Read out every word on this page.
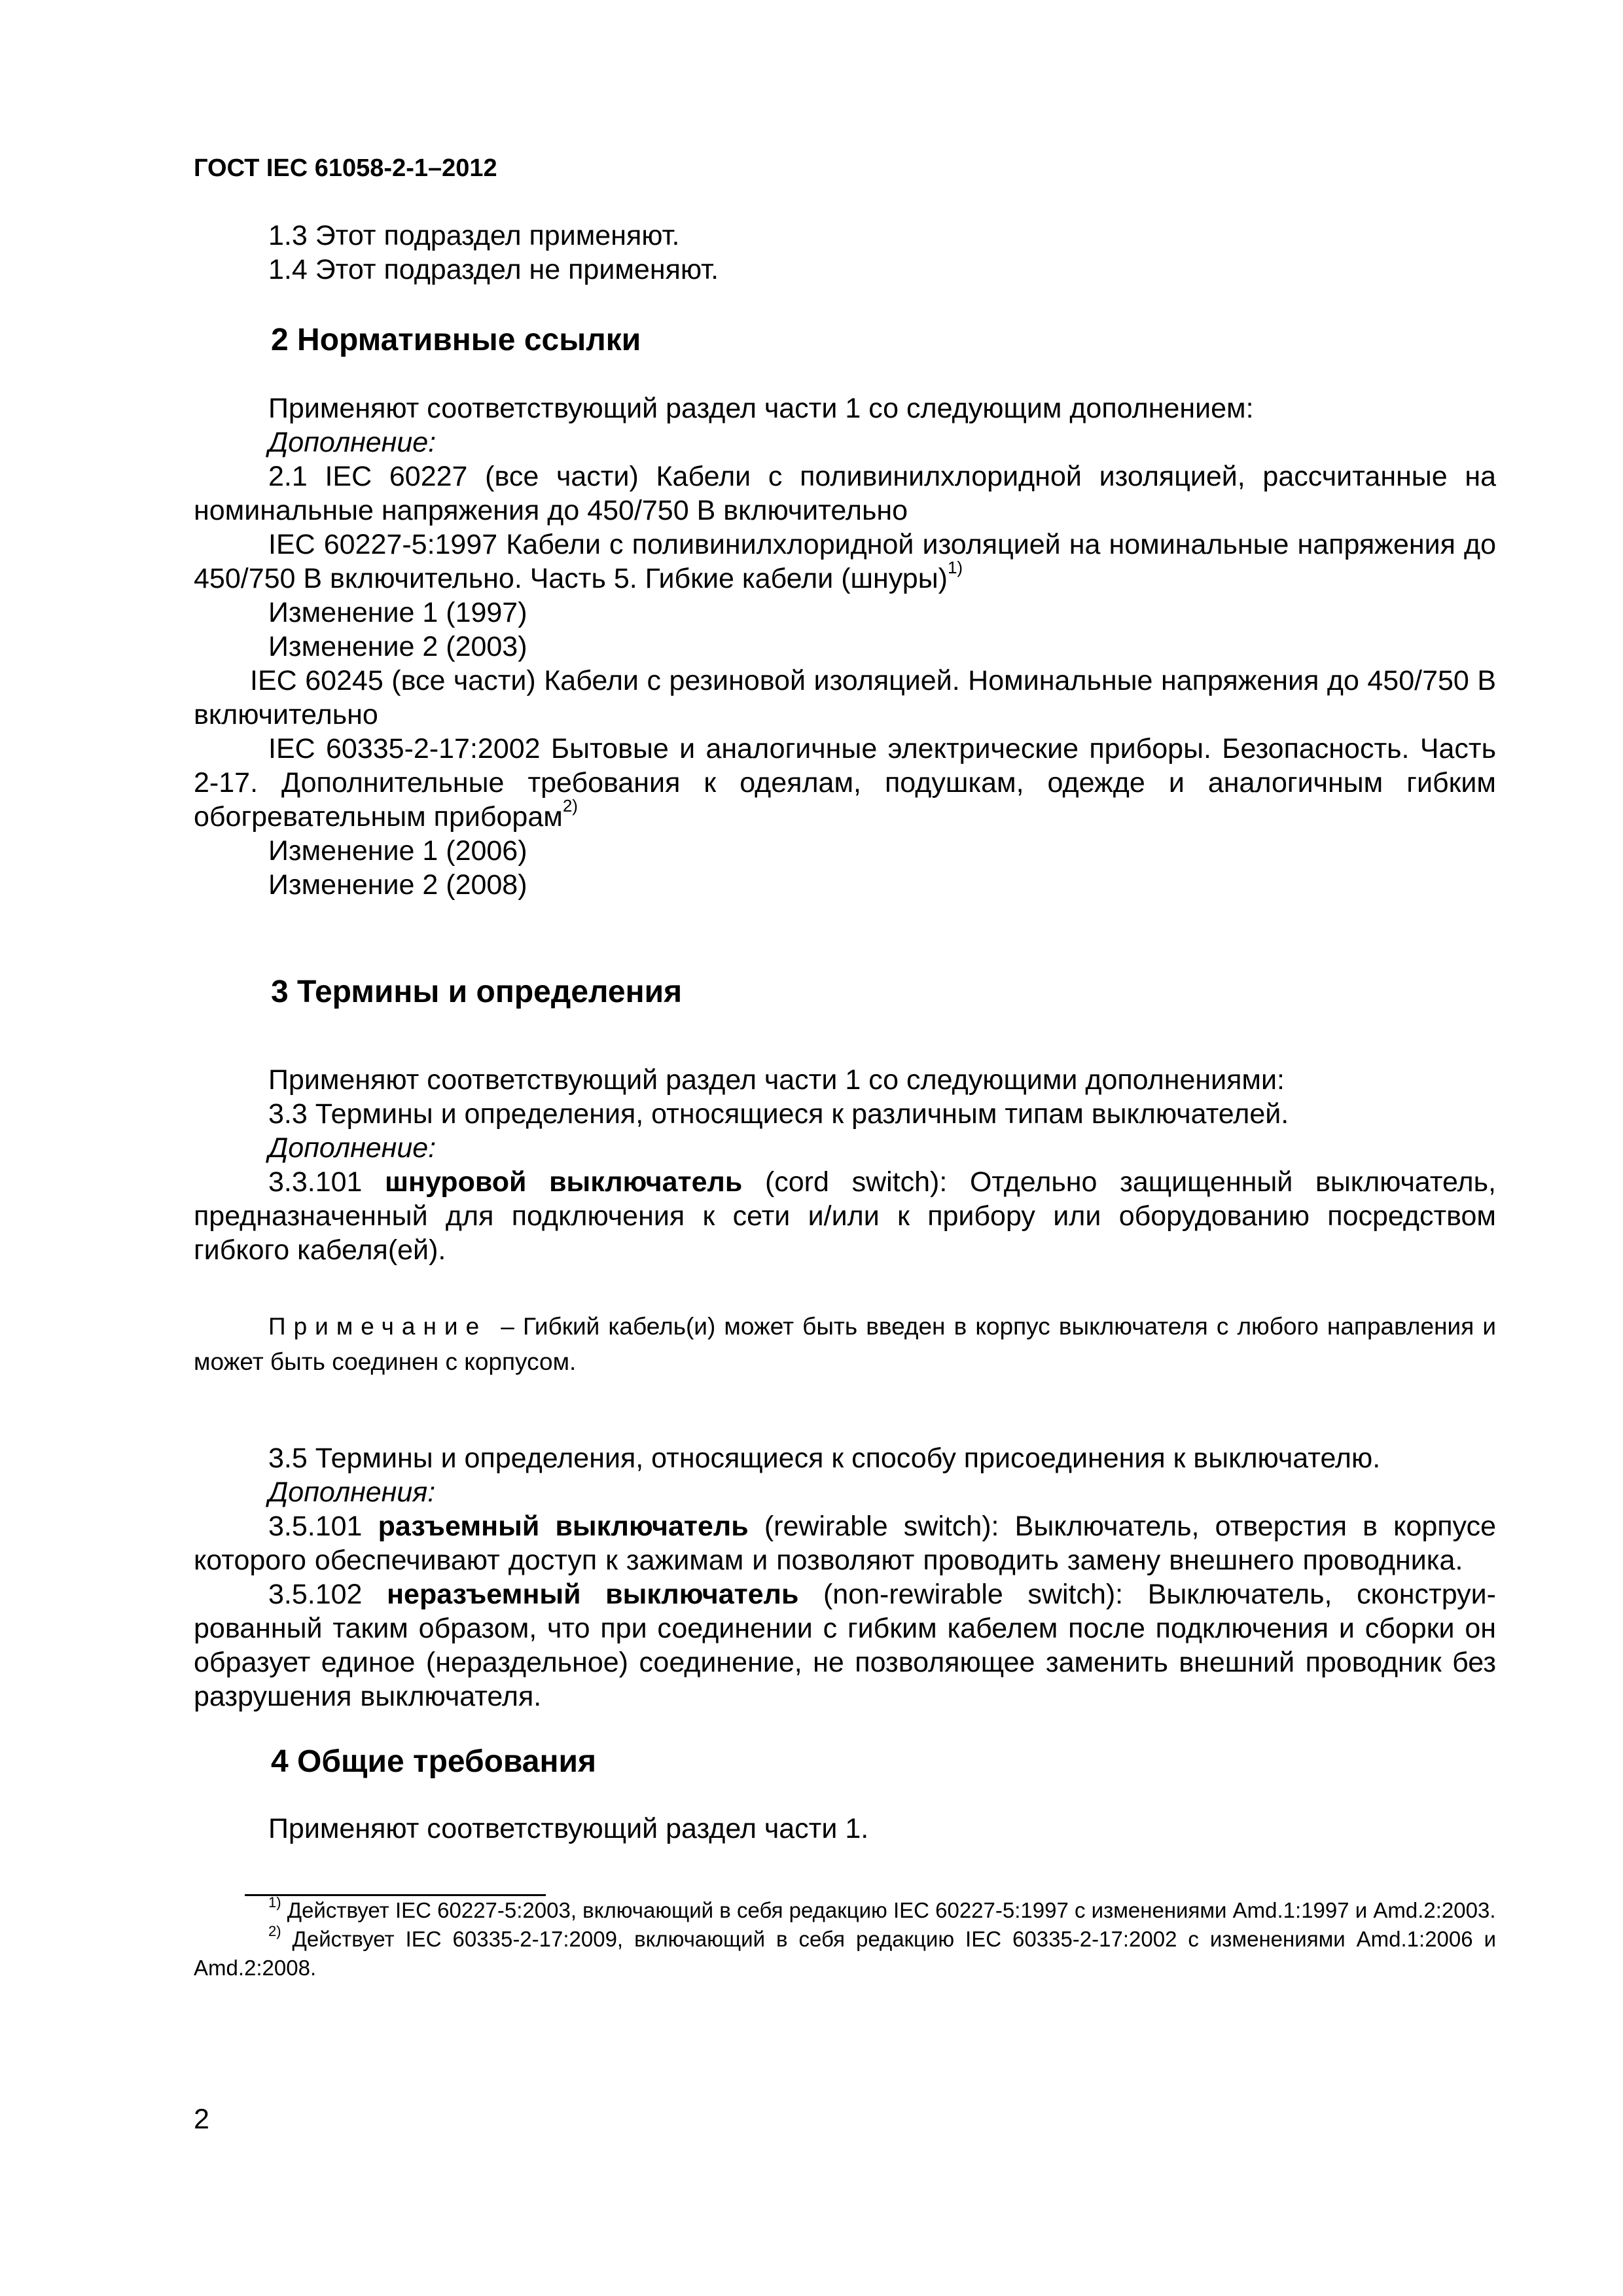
ГОСТ IEC 61058-2-1–2012

1.3 Этот подраздел применяют.

1.4 Этот подраздел не применяют.

2 Нормативные ссылки

Применяют соответствующий раздел части 1 со следующим дополнением:

Дополнение:

2.1 IEC 60227 (все части) Кабели с поливинилхлоридной изоляцией, рассчитанные на номинальные напряжения до 450/750 В включительно

IEC 60227-5:1997 Кабели с поливинилхлоридной изоляцией на номинальные напряжения до 450/750 В включительно. Часть 5. Гибкие кабели (шнуры)$^{1)}$

Изменение 1 (1997)

Изменение 2 (2003)

IEC 60245 (все части) Кабели с резиновой изоляцией. Номинальные напряжения до 450/750 В включительно

IEC 60335-2-17:2002 Бытовые и аналогичные электрические приборы. Безопасность. Часть 2-17. Дополнительные требования к одеялам, подушкам, одежде и аналогичным гибким обогревательным приборам$^{2)}$

Изменение 1 (2006)

Изменение 2 (2008)

3 Термины и определения

Применяют соответствующий раздел части 1 со следующими дополнениями:

3.3 Термины и определения, относящиеся к различным типам выключателей.

Дополнение:

3.3.101 шнуровой выключатель (cord switch): Отдельно защищенный выключатель, предназначенный для подключения к сети и/или к прибору или оборудованию посредством гибкого кабеля(ей).

Примечание – Гибкий кабель(и) может быть введен в корпус выключателя с любого направления и может быть соединен с корпусом.

3.5 Термины и определения, относящиеся к способу присоединения к выключателю.

Дополнения:

3.5.101 разъемный выключатель (rewirable switch): Выключатель, отверстия в корпусе которого обеспечивают доступ к зажимам и позволяют проводить замену внешнего проводника.

3.5.102 неразъемный выключатель (non-rewirable switch): Выключатель, сконструированный таким образом, что при соединении с гибким кабелем после подключения и сборки он образует единое (нераздельное) соединение, не позволяющее заменить внешний проводник без разрушения выключателя.

4 Общие требования

Применяют соответствующий раздел части 1.

$^{1)}$ Действует IEC 60227-5:2003, включающий в себя редакцию IEC 60227-5:1997 с изменениями Amd.1:1997 и Amd.2:2003.

$^{2)}$ Действует IEC 60335-2-17:2009, включающий в себя редакцию IEC 60335-2-17:2002 с изменениями Amd.1:2006 и Amd.2:2008.

2
